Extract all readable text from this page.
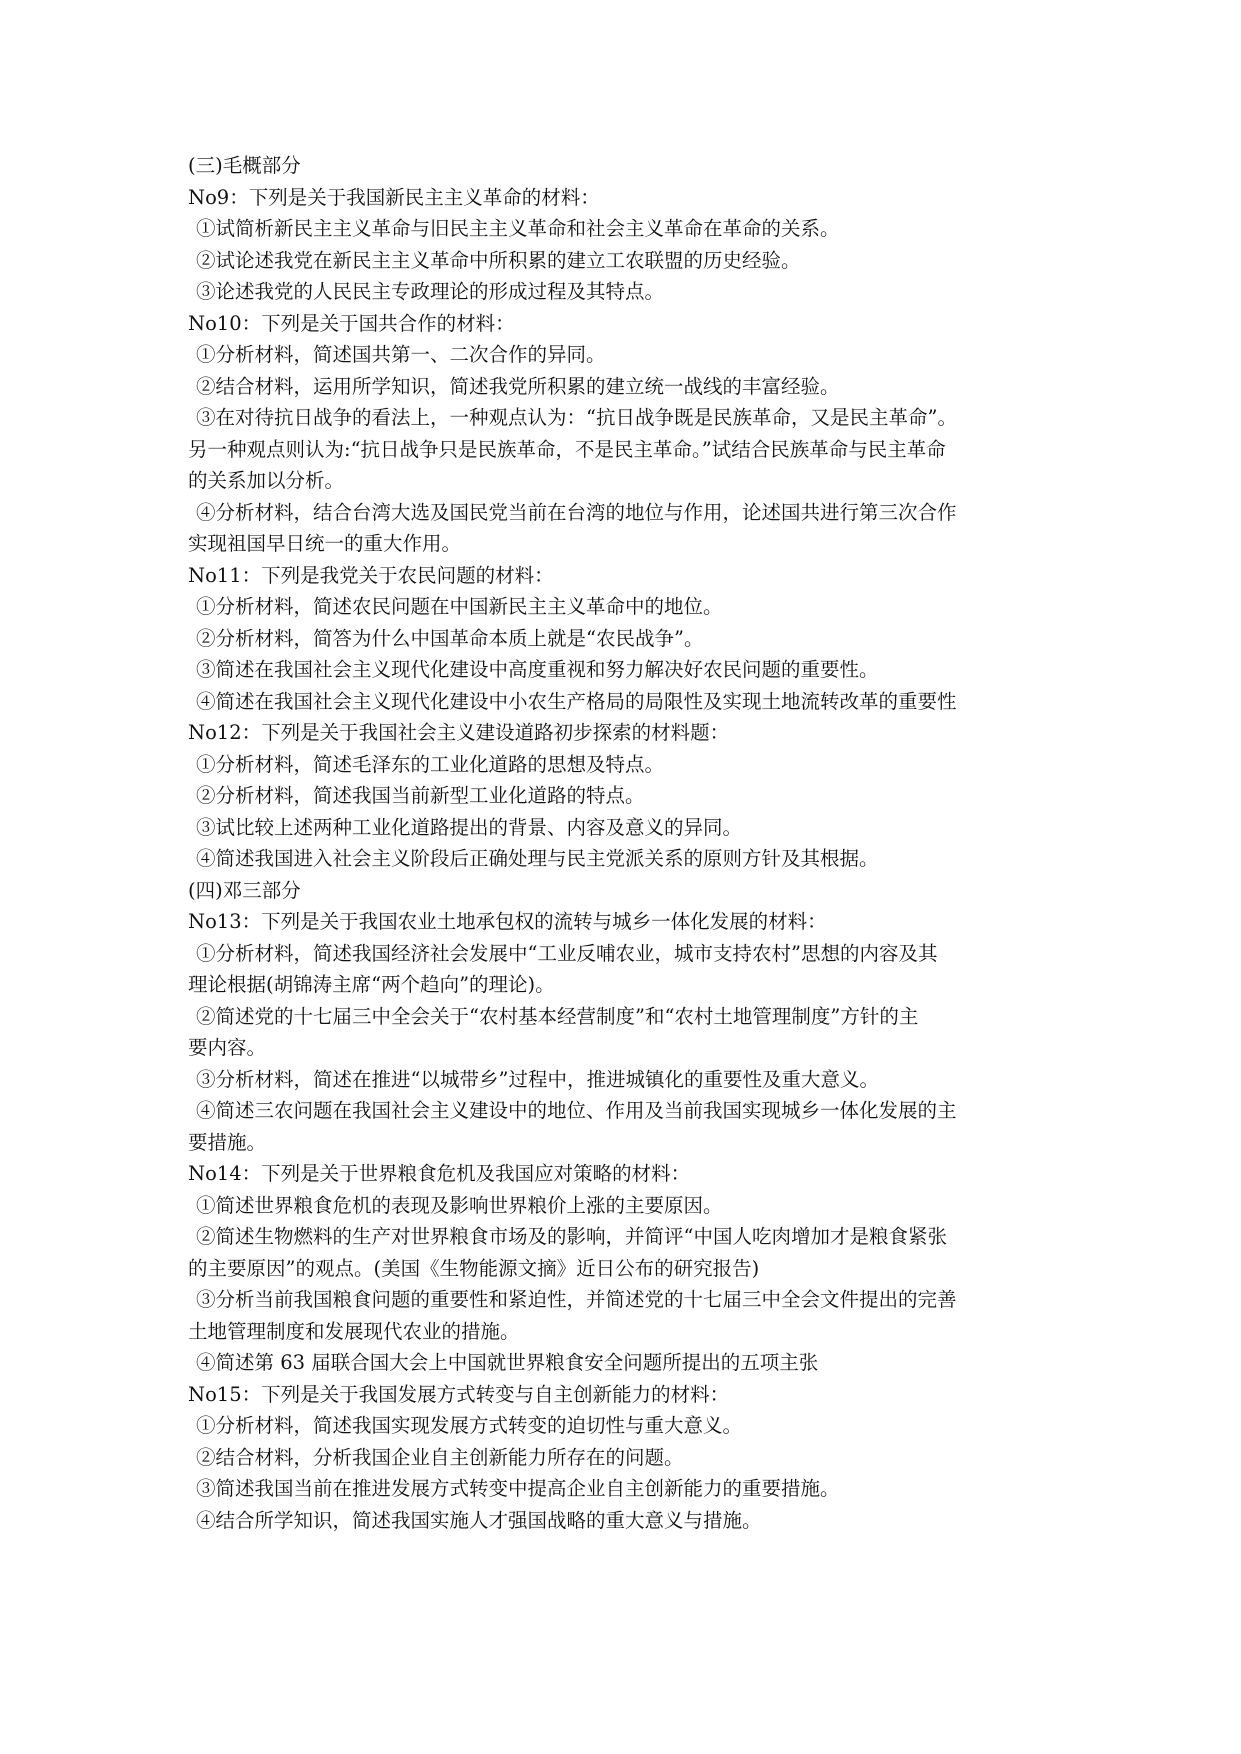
(三)毛概部分
No9：下列是关于我国新民主主义革命的材料：
①试简析新民主主义革命与旧民主主义革命和社会主义革命在革命的关系。
②试论述我党在新民主主义革命中所积累的建立工农联盟的历史经验。
③论述我党的人民民主专政理论的形成过程及其特点。
No10：下列是关于国共合作的材料：
①分析材料，简述国共第一、二次合作的异同。
②结合材料，运用所学知识，简述我党所积累的建立统一战线的丰富经验。
③在对待抗日战争的看法上，一种观点认为：“抗日战争既是民族革命，又是民主革命”。
另一种观点则认为:“抗日战争只是民族革命，不是民主革命。”试结合民族革命与民主革命
的关系加以分析。
④分析材料，结合台湾大选及国民党当前在台湾的地位与作用，论述国共进行第三次合作
实现祖国早日统一的重大作用。
No11：下列是我党关于农民问题的材料：
①分析材料，简述农民问题在中国新民主主义革命中的地位。
②分析材料，简答为什么中国革命本质上就是“农民战争”。
③简述在我国社会主义现代化建设中高度重视和努力解决好农民问题的重要性。
④简述在我国社会主义现代化建设中小农生产格局的局限性及实现土地流转改革的重要性
No12：下列是关于我国社会主义建设道路初步探索的材料题：
①分析材料，简述毛泽东的工业化道路的思想及特点。
②分析材料，简述我国当前新型工业化道路的特点。
③试比较上述两种工业化道路提出的背景、内容及意义的异同。
④简述我国进入社会主义阶段后正确处理与民主党派关系的原则方针及其根据。
(四)邓三部分
No13：下列是关于我国农业土地承包权的流转与城乡一体化发展的材料：
①分析材料，简述我国经济社会发展中“工业反哺农业，城市支持农村”思想的内容及其
理论根据(胡锦涛主席“两个趋向”的理论)。
②简述党的十七届三中全会关于“农村基本经营制度”和“农村土地管理制度”方针的主
要内容。
③分析材料，简述在推进“以城带乡”过程中，推进城镇化的重要性及重大意义。
④简述三农问题在我国社会主义建设中的地位、作用及当前我国实现城乡一体化发展的主
要措施。
No14：下列是关于世界粮食危机及我国应对策略的材料：
①简述世界粮食危机的表现及影响世界粮价上涨的主要原因。
②简述生物燃料的生产对世界粮食市场及的影响，并简评“中国人吃肉增加才是粮食紧张
的主要原因”的观点。(美国《生物能源文摘》近日公布的研究报告)
③分析当前我国粮食问题的重要性和紧迫性，并简述党的十七届三中全会文件提出的完善
土地管理制度和发展现代农业的措施。
④简述第 63 届联合国大会上中国就世界粮食安全问题所提出的五项主张
No15：下列是关于我国发展方式转变与自主创新能力的材料：
①分析材料，简述我国实现发展方式转变的迫切性与重大意义。
②结合材料，分析我国企业自主创新能力所存在的问题。
③简述我国当前在推进发展方式转变中提高企业自主创新能力的重要措施。
④结合所学知识，简述我国实施人才强国战略的重大意义与措施。
